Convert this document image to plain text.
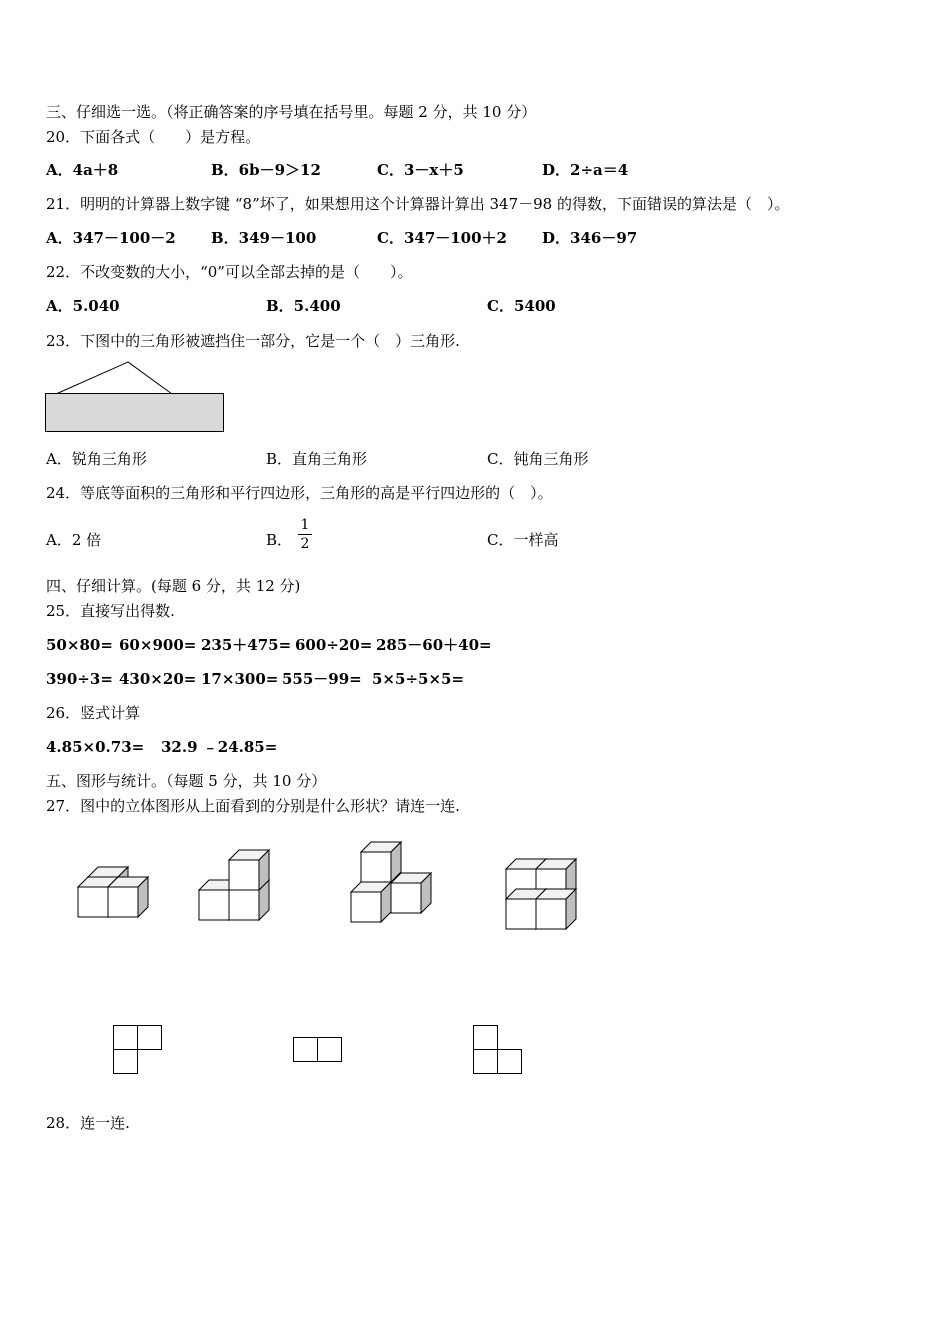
三、仔细选一选。（将正确答案的序号填在括号里。每题 2 分，共 10 分）
20．下面各式（　　）是方程。
A．4a＋8	B．6b－9＞12	C．3－x＋5	D．2÷a＝4
21．明明的计算器上数字键 “8”坏了，如果想用这个计算器计算出 347－98 的得数，下面错误的算法是（　）。
A．347－100－2 B．349－100	C．347－100＋2 D．346－97
22．不改变数的大小，“0”可以全部去掉的是（　　）。
A．5.040	B．5.400	C．5400
23．下图中的三角形被遮挡住一部分，它是一个（　）三角形.
A．锐角三角形	B．直角三角形	C．钝角三角形
24．等底等面积的三角形和平行四边形，三角形的高是平行四边形的（　）。
A．2 倍	B．
1
2	C．一样高
四、仔细计算。(每题 6 分，共 12 分)
25．直接写出得数.
50×80= 60×900= 235＋475= 600÷20= 285－60＋40=
390÷3= 430×20= 17×300= 555－99= 5×5÷5×5=
26．竖式计算
4.85×0.73= 32.9 ﹣24.85=
五、图形与统计。（每题 5 分，共 10 分）
27．图中的立体图形从上面看到的分别是什么形状？请连一连.
28．连一连.
